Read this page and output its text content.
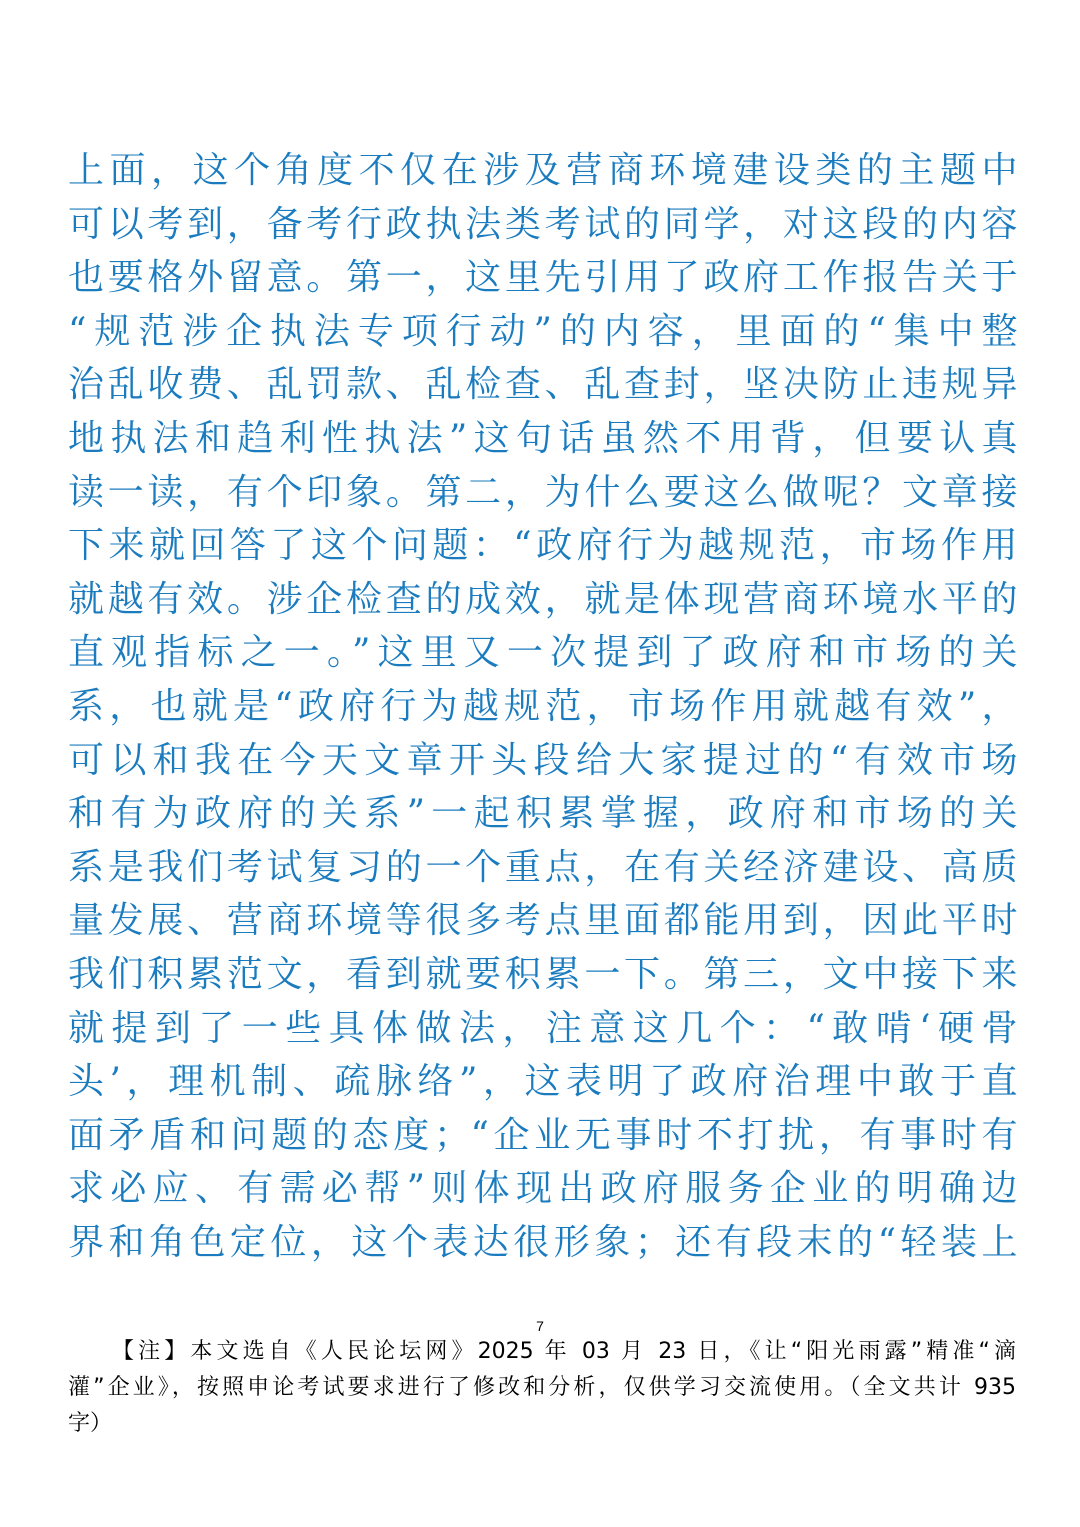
上面，这个角度不仅在涉及营商环境建设类的主题中
可以考到，备考行政执法类考试的同学，对这段的内容
也要格外留意。第一，这里先引用了政府工作报告关于
“规范涉企执法专项行动”的内容，里面的“集中整
治乱收费、乱罚款、乱检查、乱查封，坚决防止违规异
地执法和趋利性执法”这句话虽然不用背，但要认真
读一读，有个印象。第二，为什么要这么做呢？文章接
下来就回答了这个问题：“政府行为越规范，市场作用
就越有效。涉企检查的成效，就是体现营商环境水平的
直观指标之一。”这里又一次提到了政府和市场的关
系，也就是“政府行为越规范，市场作用就越有效”，
可以和我在今天文章开头段给大家提过的“有效市场
和有为政府的关系”一起积累掌握，政府和市场的关
系是我们考试复习的一个重点，在有关经济建设、高质
量发展、营商环境等很多考点里面都能用到，因此平时
我们积累范文，看到就要积累一下。第三，文中接下来
就提到了一些具体做法，注意这几个：“敢啃‘硬骨
头’，理机制、疏脉络”，这表明了政府治理中敢于直
面矛盾和问题的态度；“企业无事时不打扰，有事时有
求必应、有需必帮”则体现出政府服务企业的明确边
界和角色定位，这个表达很形象；还有段末的“轻装上
7
【注】本文选自《人民论坛网》2025 年 03 月 23 日，《让“阳光雨露”精准“滴
灌”企业》，按照申论考试要求进行了修改和分析，仅供学习交流使用。（全文共计 935
字）
